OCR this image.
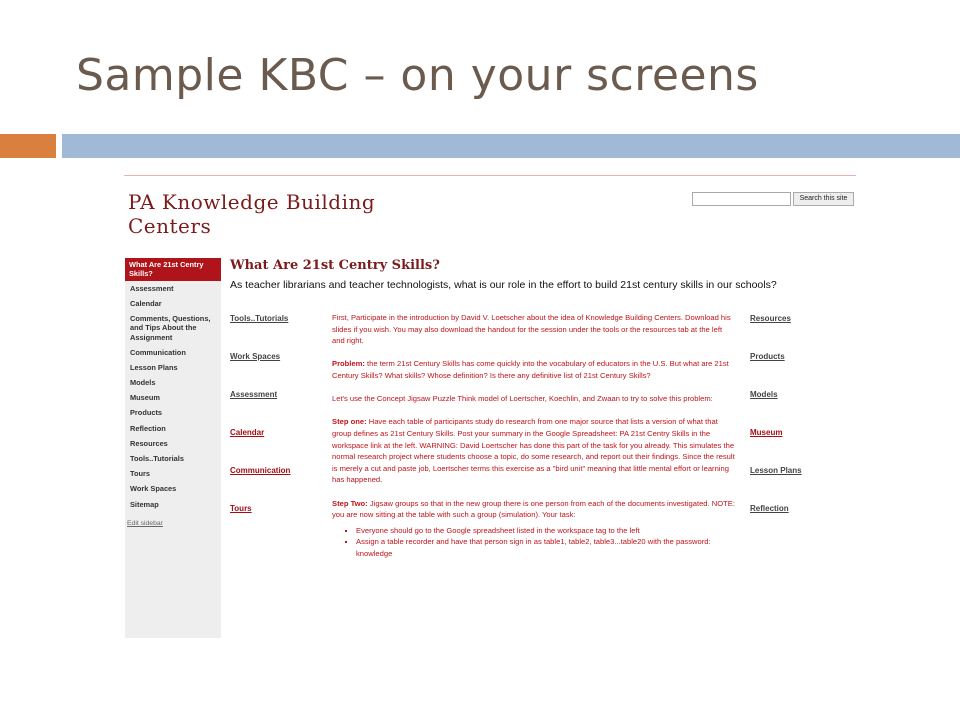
Sample KBC – on your screens
PA Knowledge Building Centers
Search this site
What Are 21st Centry Skills?
Assessment
Calendar
Comments, Questions, and Tips About the Assignment
Communication
Lesson Plans
Models
Museum
Products
Reflection
Resources
Tools..Tutorials
Tours
Work Spaces
Sitemap
Edit sidebar
What Are 21st Centry Skills?

As teacher librarians and teacher technologists, what is our role in the effort to build 21st century skills in our schools?

Tools..Tutorials
Work Spaces
Assessment
Calendar
Communication
Tours

First, Participate in the introduction by David V. Loetscher about the idea of Knowledge Building Centers. Download his slides if you wish. You may also download the handout for the session under the tools or the resources tab at the left and right.

Problem: the term 21st Century Skills has come quickly into the vocabulary of educators in the U.S. But what are 21st Century Skills? What skills? Whose definition? Is there any definitive list of 21st Century Skills?

Let's use the Concept Jigsaw Puzzle Think model of Loertscher, Koechlin, and Zwaan to try to solve this problem:

Step one: Have each table of participants study do research from one major source that lists a version of what that group defines as 21st Century Skills. Post your summary in the Google Spreadsheet: PA 21st Centry Skills in the workspace link at the left. WARNING: David Loertscher has done this part of the task for you already. This simulates the normal research project where students choose a topic, do some research, and report out their findings. Since the result is merely a cut and paste job, Loertscher terms this exercise as a "bird unit" meaning that little mental effort or learning has happened.

Step Two: Jigsaw groups so that in the new group there is one person from each of the documents investigated. NOTE: you are now sitting at the table with such a group (simulation). Your task:

▪ Everyone should go to the Google spreadsheet listed in the workspace tag to the left
▪ Assign a table recorder and have that person sign in as table1, table2, table3...table20 with the password: knowledge
Resources
Products
Models
Museum
Lesson Plans
Reflection
